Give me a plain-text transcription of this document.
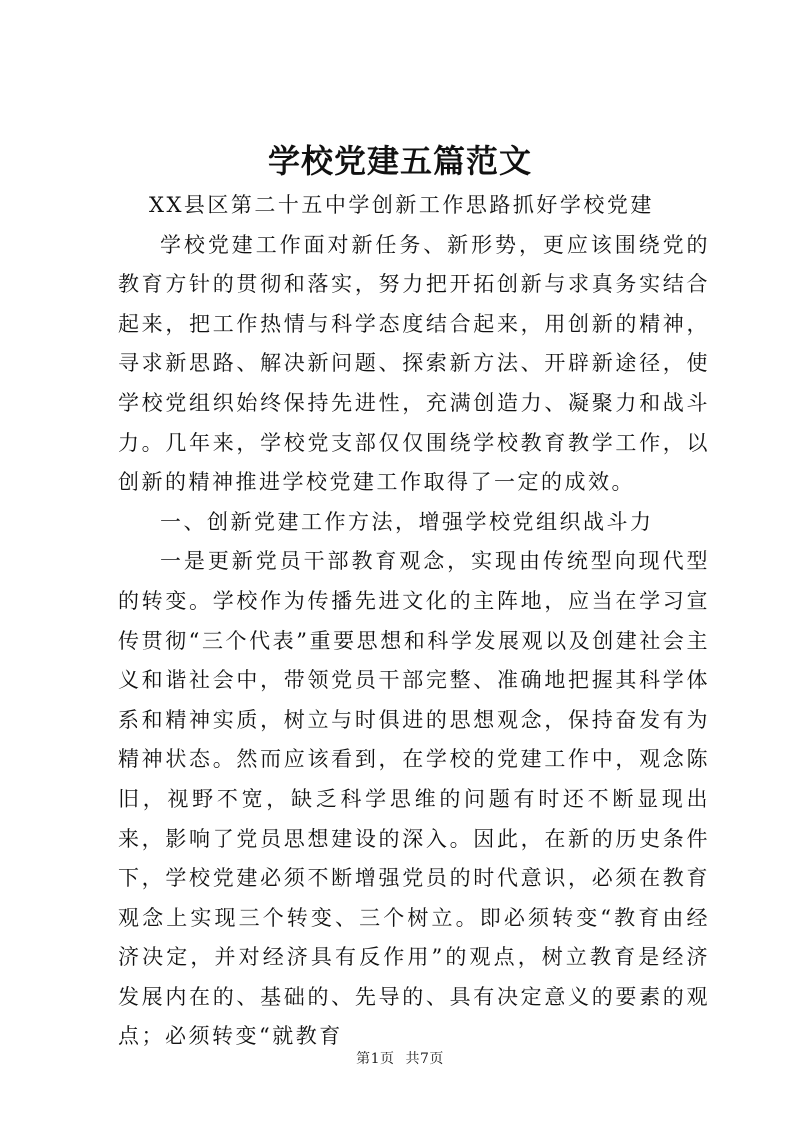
学校党建五篇范文

XX县区第二十五中学创新工作思路抓好学校党建

学校党建工作面对新任务、新形势，更应该围绕党的教育方针的贯彻和落实，努力把开拓创新与求真务实结合起来，把工作热情与科学态度结合起来，用创新的精神，寻求新思路、解决新问题、探索新方法、开辟新途径，使学校党组织始终保持先进性，充满创造力、凝聚力和战斗力。几年来，学校党支部仅仅围绕学校教育教学工作，以创新的精神推进学校党建工作取得了一定的成效。

一、创新党建工作方法，增强学校党组织战斗力

一是更新党员干部教育观念，实现由传统型向现代型的转变。学校作为传播先进文化的主阵地，应当在学习宣传贯彻“三个代表”重要思想和科学发展观以及创建社会主义和谐社会中，带领党员干部完整、准确地把握其科学体系和精神实质，树立与时俱进的思想观念，保持奋发有为精神状态。然而应该看到，在学校的党建工作中，观念陈旧，视野不宽，缺乏科学思维的问题有时还不断显现出来，影响了党员思想建设的深入。因此，在新的历史条件下，学校党建必须不断增强党员的时代意识，必须在教育观念上实现三个转变、三个树立。即必须转变“教育由经济决定，并对经济具有反作用”的观点，树立教育是经济发展内在的、基础的、先导的、具有决定意义的要素的观点；必须转变“就教育

第1页 共7页
